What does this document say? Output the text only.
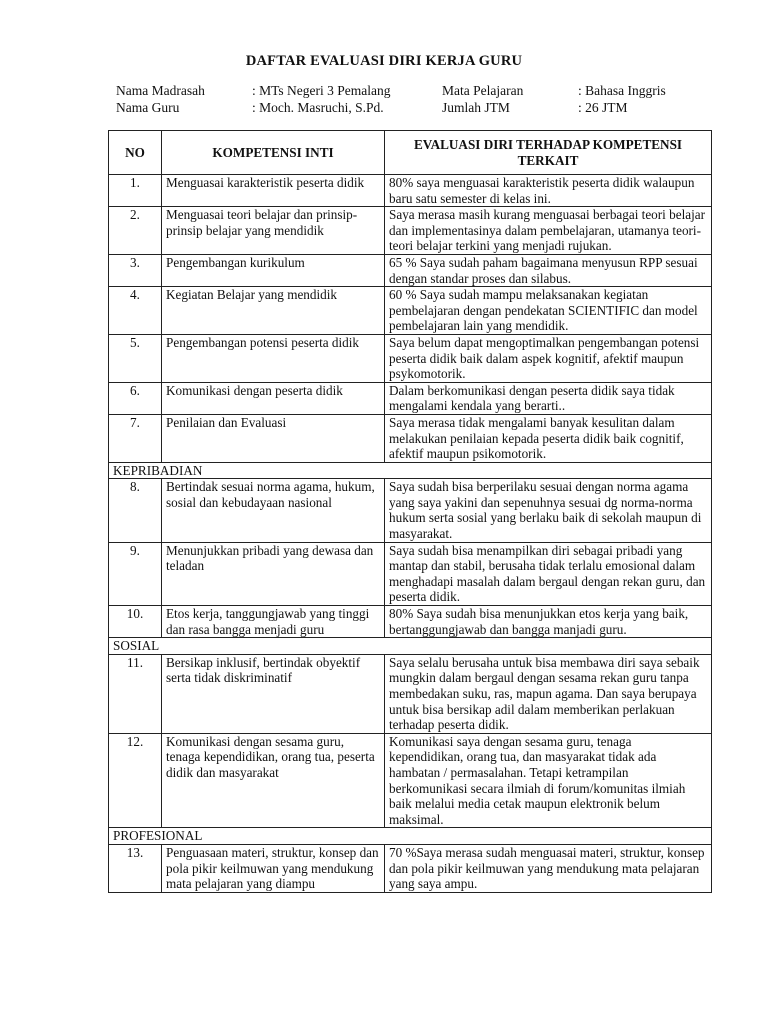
DAFTAR EVALUASI DIRI KERJA GURU
Nama Madrasah	: MTs Negeri 3 Pemalang	Mata Pelajaran	: Bahasa Inggris
Nama Guru	: Moch. Masruchi, S.Pd.	Jumlah JTM	: 26 JTM
NO	KOMPETENSI INTI	EVALUASI DIRI TERHADAP KOMPETENSI TERKAIT
1.	Menguasai karakteristik peserta didik	80% saya menguasai karakteristik peserta didik walaupun baru satu semester di kelas ini.
2.	Menguasai teori belajar dan prinsip-prinsip belajar yang mendidik	Saya merasa masih kurang menguasai berbagai teori belajar dan implementasinya dalam pembelajaran, utamanya teori-teori belajar terkini yang menjadi rujukan.
3.	Pengembangan kurikulum	65 % Saya sudah paham bagaimana menyusun RPP sesuai dengan standar proses dan silabus.
4.	Kegiatan Belajar yang mendidik	60 % Saya sudah mampu melaksanakan kegiatan pembelajaran dengan pendekatan SCIENTIFIC dan model pembelajaran lain yang mendidik.
5.	Pengembangan potensi peserta didik	Saya belum dapat mengoptimalkan pengembangan potensi peserta didik baik dalam aspek kognitif, afektif maupun psykomotorik.
6.	Komunikasi dengan peserta didik	Dalam berkomunikasi dengan peserta didik saya tidak mengalami kendala yang berarti..
7.	Penilaian dan Evaluasi	Saya merasa tidak mengalami banyak kesulitan dalam melakukan penilaian kepada peserta didik baik cognitif, afektif maupun psikomotorik.
KEPRIBADIAN		
8.	Bertindak sesuai norma agama, hukum, sosial dan kebudayaan nasional	Saya sudah bisa berperilaku sesuai dengan norma agama yang saya yakini dan sepenuhnya sesuai dg norma-norma hukum serta sosial yang berlaku baik di sekolah maupun di masyarakat.
9.	Menunjukkan pribadi yang dewasa dan teladan	Saya sudah bisa menampilkan diri sebagai pribadi yang mantap dan stabil, berusaha tidak terlalu emosional dalam menghadapi masalah dalam bergaul dengan rekan guru, dan peserta didik.
10.	Etos kerja, tanggungjawab yang tinggi dan rasa bangga menjadi guru	80% Saya sudah bisa menunjukkan etos kerja yang baik, bertanggungjawab dan bangga manjadi guru.
SOSIAL		
11.	Bersikap inklusif, bertindak obyektif serta tidak diskriminatif	Saya selalu berusaha untuk bisa membawa diri saya sebaik mungkin dalam bergaul dengan sesama rekan guru tanpa membedakan suku, ras, mapun agama. Dan saya berupaya untuk bisa bersikap adil dalam memberikan perlakuan terhadap peserta didik.
12.	Komunikasi dengan sesama guru, tenaga kependidikan, orang tua, peserta didik dan masyarakat	Komunikasi saya dengan sesama guru, tenaga kependidikan, orang tua, dan masyarakat tidak ada hambatan / permasalahan. Tetapi ketrampilan berkomunikasi secara ilmiah di forum/komunitas ilmiah baik melalui media cetak maupun elektronik belum maksimal.
PROFESIONAL		
13.	Penguasaan materi, struktur, konsep dan pola pikir keilmuwan yang mendukung mata pelajaran yang diampu	70 %Saya merasa sudah menguasai materi, struktur, konsep dan pola pikir keilmuwan yang mendukung mata pelajaran yang saya ampu.
